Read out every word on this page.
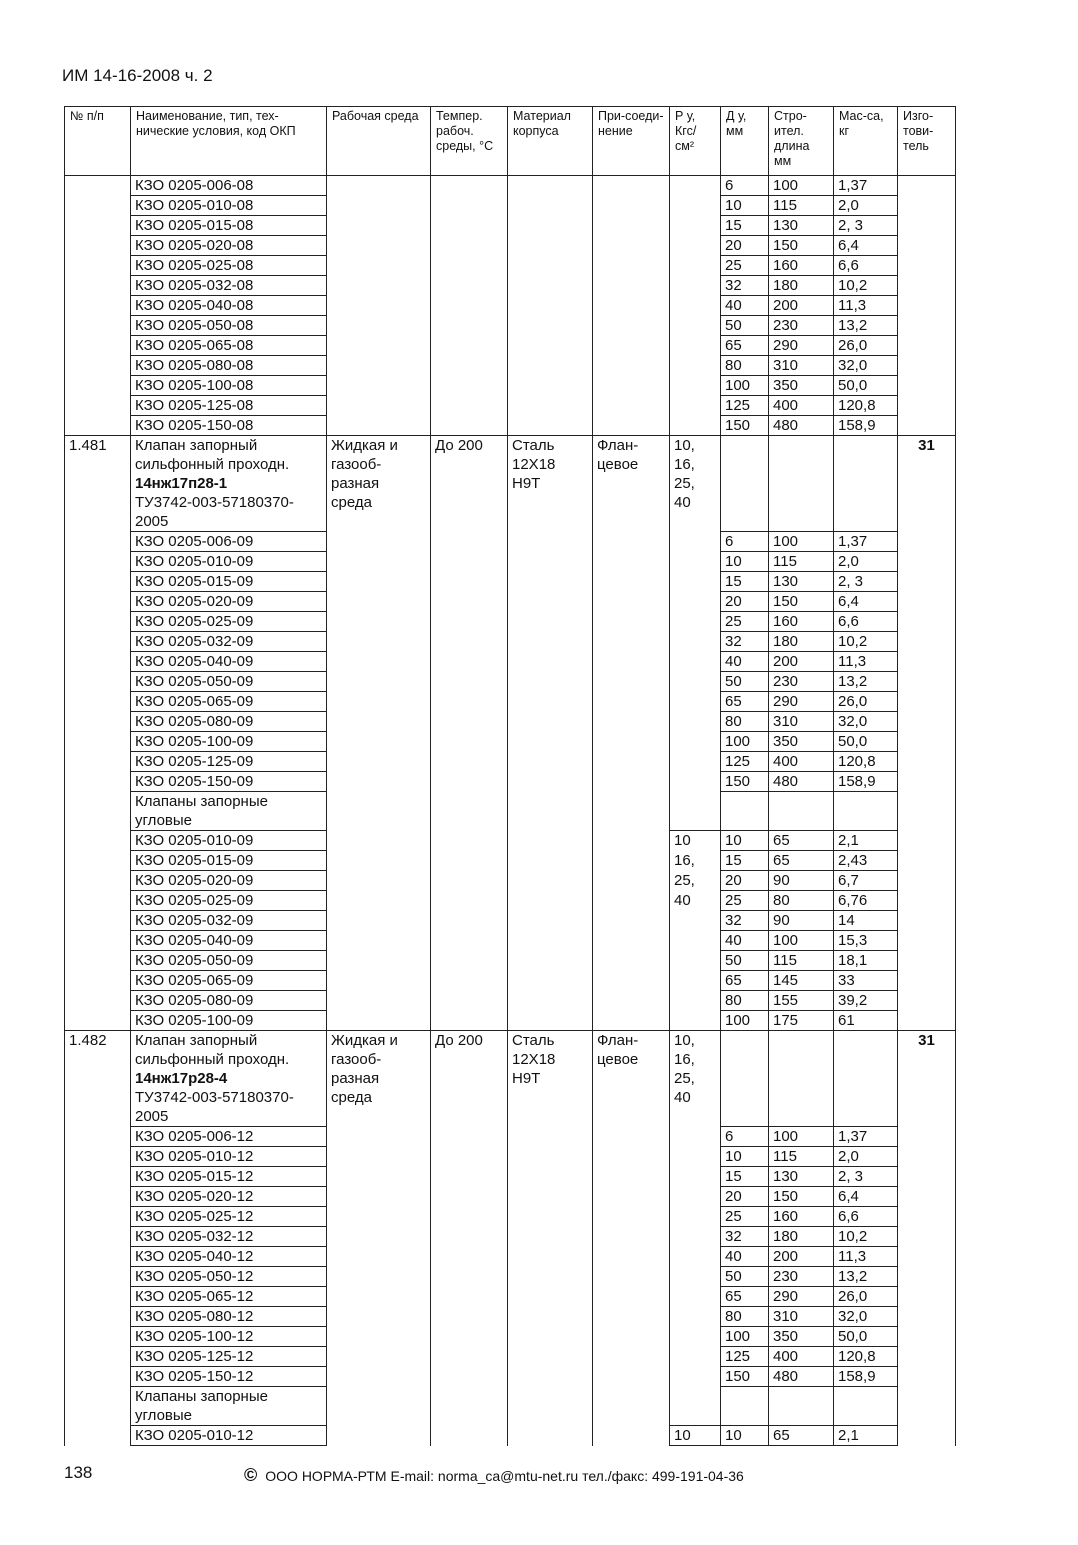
ИМ 14-16-2008 ч. 2
№ п/п	Наименование, тип, тех-нические условия, код ОКП	Рабочая среда	Темпер. рабоч. среды, °С	Материал корпуса	При-соеди-нение	Р у, Кгс/ см²	Д у, мм	Стро-ител. длина мм	Мас-са, кг	Изго-тови-тель
	КЗО 0205-006-08						6	100	1,37	
	КЗО 0205-010-08						10	115	2,0	
	КЗО 0205-015-08						15	130	2, 3	
	КЗО 0205-020-08						20	150	6,4	
	КЗО 0205-025-08						25	160	6,6	
	КЗО 0205-032-08						32	180	10,2	
	КЗО 0205-040-08						40	200	11,3	
	КЗО 0205-050-08						50	230	13,2	
	КЗО 0205-065-08						65	290	26,0	
	КЗО 0205-080-08						80	310	32,0	
	КЗО 0205-100-08						100	350	50,0	
	КЗО 0205-125-08						125	400	120,8	
	КЗО 0205-150-08						150	480	158,9	
1.481	Клапан запорный	Жидкая и	До 200	Сталь	Флан-цевое	10,				31
	сильфонный проходн.	газооб-		12Х18		16,				
	14нж17п28-1	разная		Н9Т		25,				
	ТУ3742-003-57180370-	среда				40				
	2005									
	КЗО 0205-006-09						6	100	1,37	
	КЗО 0205-010-09						10	115	2,0	
	КЗО 0205-015-09						15	130	2, 3	
	КЗО 0205-020-09						20	150	6,4	
	КЗО 0205-025-09						25	160	6,6	
	КЗО 0205-032-09						32	180	10,2	
	КЗО 0205-040-09						40	200	11,3	
	КЗО 0205-050-09						50	230	13,2	
	КЗО 0205-065-09						65	290	26,0	
	КЗО 0205-080-09						80	310	32,0	
	КЗО 0205-100-09						100	350	50,0	
	КЗО 0205-125-09						125	400	120,8	
	КЗО 0205-150-09						150	480	158,9	
	Клапаны запорные									
	угловые									
	КЗО 0205-010-09					10	10	65	2,1	
	КЗО 0205-015-09					16,	15	65	2,43	
	КЗО 0205-020-09					25,	20	90	6,7	
	КЗО 0205-025-09					40	25	80	6,76	
	КЗО 0205-032-09						32	90	14	
	КЗО 0205-040-09						40	100	15,3	
	КЗО 0205-050-09						50	115	18,1	
	КЗО 0205-065-09						65	145	33	
	КЗО 0205-080-09						80	155	39,2	
	КЗО 0205-100-09						100	175	61	
1.482	Клапан запорный	Жидкая и	До 200	Сталь	Флан-цевое	10,				31
	сильфонный проходн.	газооб-		12Х18		16,				
	14нж17р28-4	разная		Н9Т		25,				
	ТУ3742-003-57180370-	среда				40				
	2005									
	КЗО 0205-006-12						6	100	1,37	
	КЗО 0205-010-12						10	115	2,0	
	КЗО 0205-015-12						15	130	2, 3	
	КЗО 0205-020-12						20	150	6,4	
	КЗО 0205-025-12						25	160	6,6	
	КЗО 0205-032-12						32	180	10,2	
	КЗО 0205-040-12						40	200	11,3	
	КЗО 0205-050-12						50	230	13,2	
	КЗО 0205-065-12						65	290	26,0	
	КЗО 0205-080-12						80	310	32,0	
	КЗО 0205-100-12						100	350	50,0	
	КЗО 0205-125-12						125	400	120,8	
	КЗО 0205-150-12						150	480	158,9	
	Клапаны запорные									
	угловые									
	КЗО 0205-010-12					10	10	65	2,1	
138	© ООО НОРМА-РТМ E-mail: norma_ca@mtu-net.ru тел./факс: 499-191-04-36
